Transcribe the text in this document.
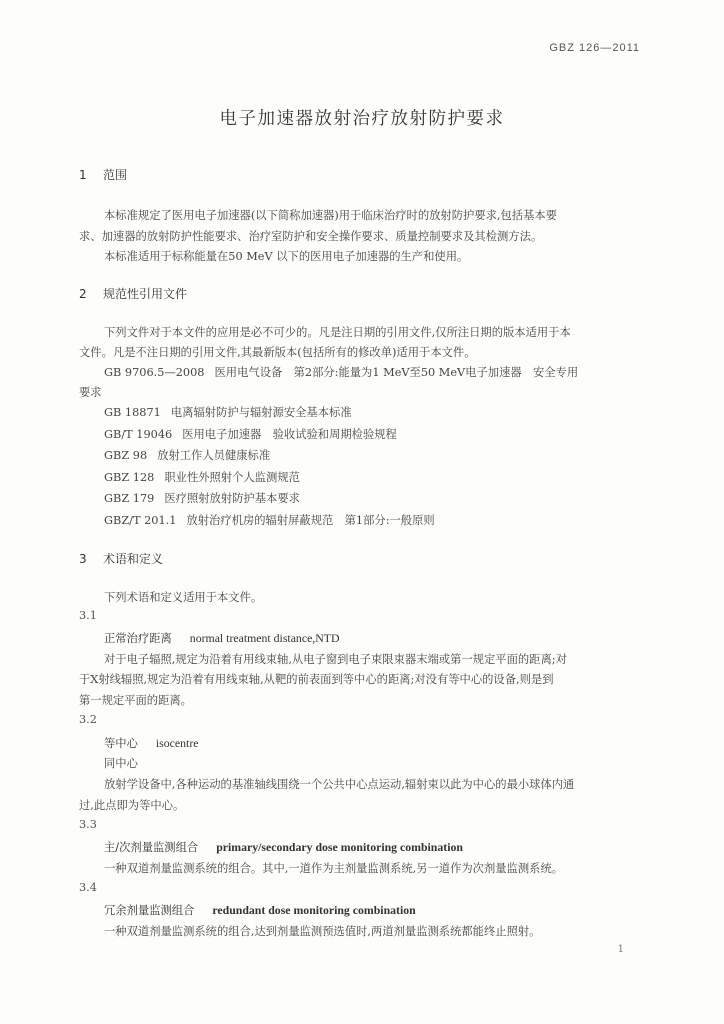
GBZ 126—2011
电子加速器放射治疗放射防护要求
1 范围
本标准规定了医用电子加速器(以下简称加速器)用于临床治疗时的放射防护要求,包括基本要
求、加速器的放射防护性能要求、治疗室防护和安全操作要求、质量控制要求及其检测方法。
本标准适用于标称能量在50 MeV 以下的医用电子加速器的生产和使用。
2 规范性引用文件
下列文件对于本文件的应用是必不可少的。凡是注日期的引用文件,仅所注日期的版本适用于本
文件。凡是不注日期的引用文件,其最新版本(包括所有的修改单)适用于本文件。
GB 9706.5—2008 医用电气设备　第2部分:能量为1 MeV至50 MeV电子加速器　安全专用
要求
GB 18871 电离辐射防护与辐射源安全基本标准
GB/T 19046 医用电子加速器　验收试验和周期检验规程
GBZ 98 放射工作人员健康标准
GBZ 128 职业性外照射个人监测规范
GBZ 179 医疗照射放射防护基本要求
GBZ/T 201.1 放射治疗机房的辐射屏蔽规范　第1部分:一般原则
3 术语和定义
下列术语和定义适用于本文件。
3.1
正常治疗距离 normal treatment distance,NTD
对于电子辐照,规定为沿着有用线束轴,从电子窗到电子束限束器末端或第一规定平面的距离;对
于X射线辐照,规定为沿着有用线束轴,从靶的前表面到等中心的距离;对没有等中心的设备,则是到
第一规定平面的距离。
3.2
等中心 isocentre
同中心
放射学设备中,各种运动的基准轴线围绕一个公共中心点运动,辐射束以此为中心的最小球体内通
过,此点即为等中心。
3.3
主/次剂量监测组合 primary/secondary dose monitoring combination
一种双道剂量监测系统的组合。其中,一道作为主剂量监测系统,另一道作为次剂量监测系统。
3.4
冗余剂量监测组合 redundant dose monitoring combination
一种双道剂量监测系统的组合,达到剂量监测预选值时,两道剂量监测系统都能终止照射。
1
